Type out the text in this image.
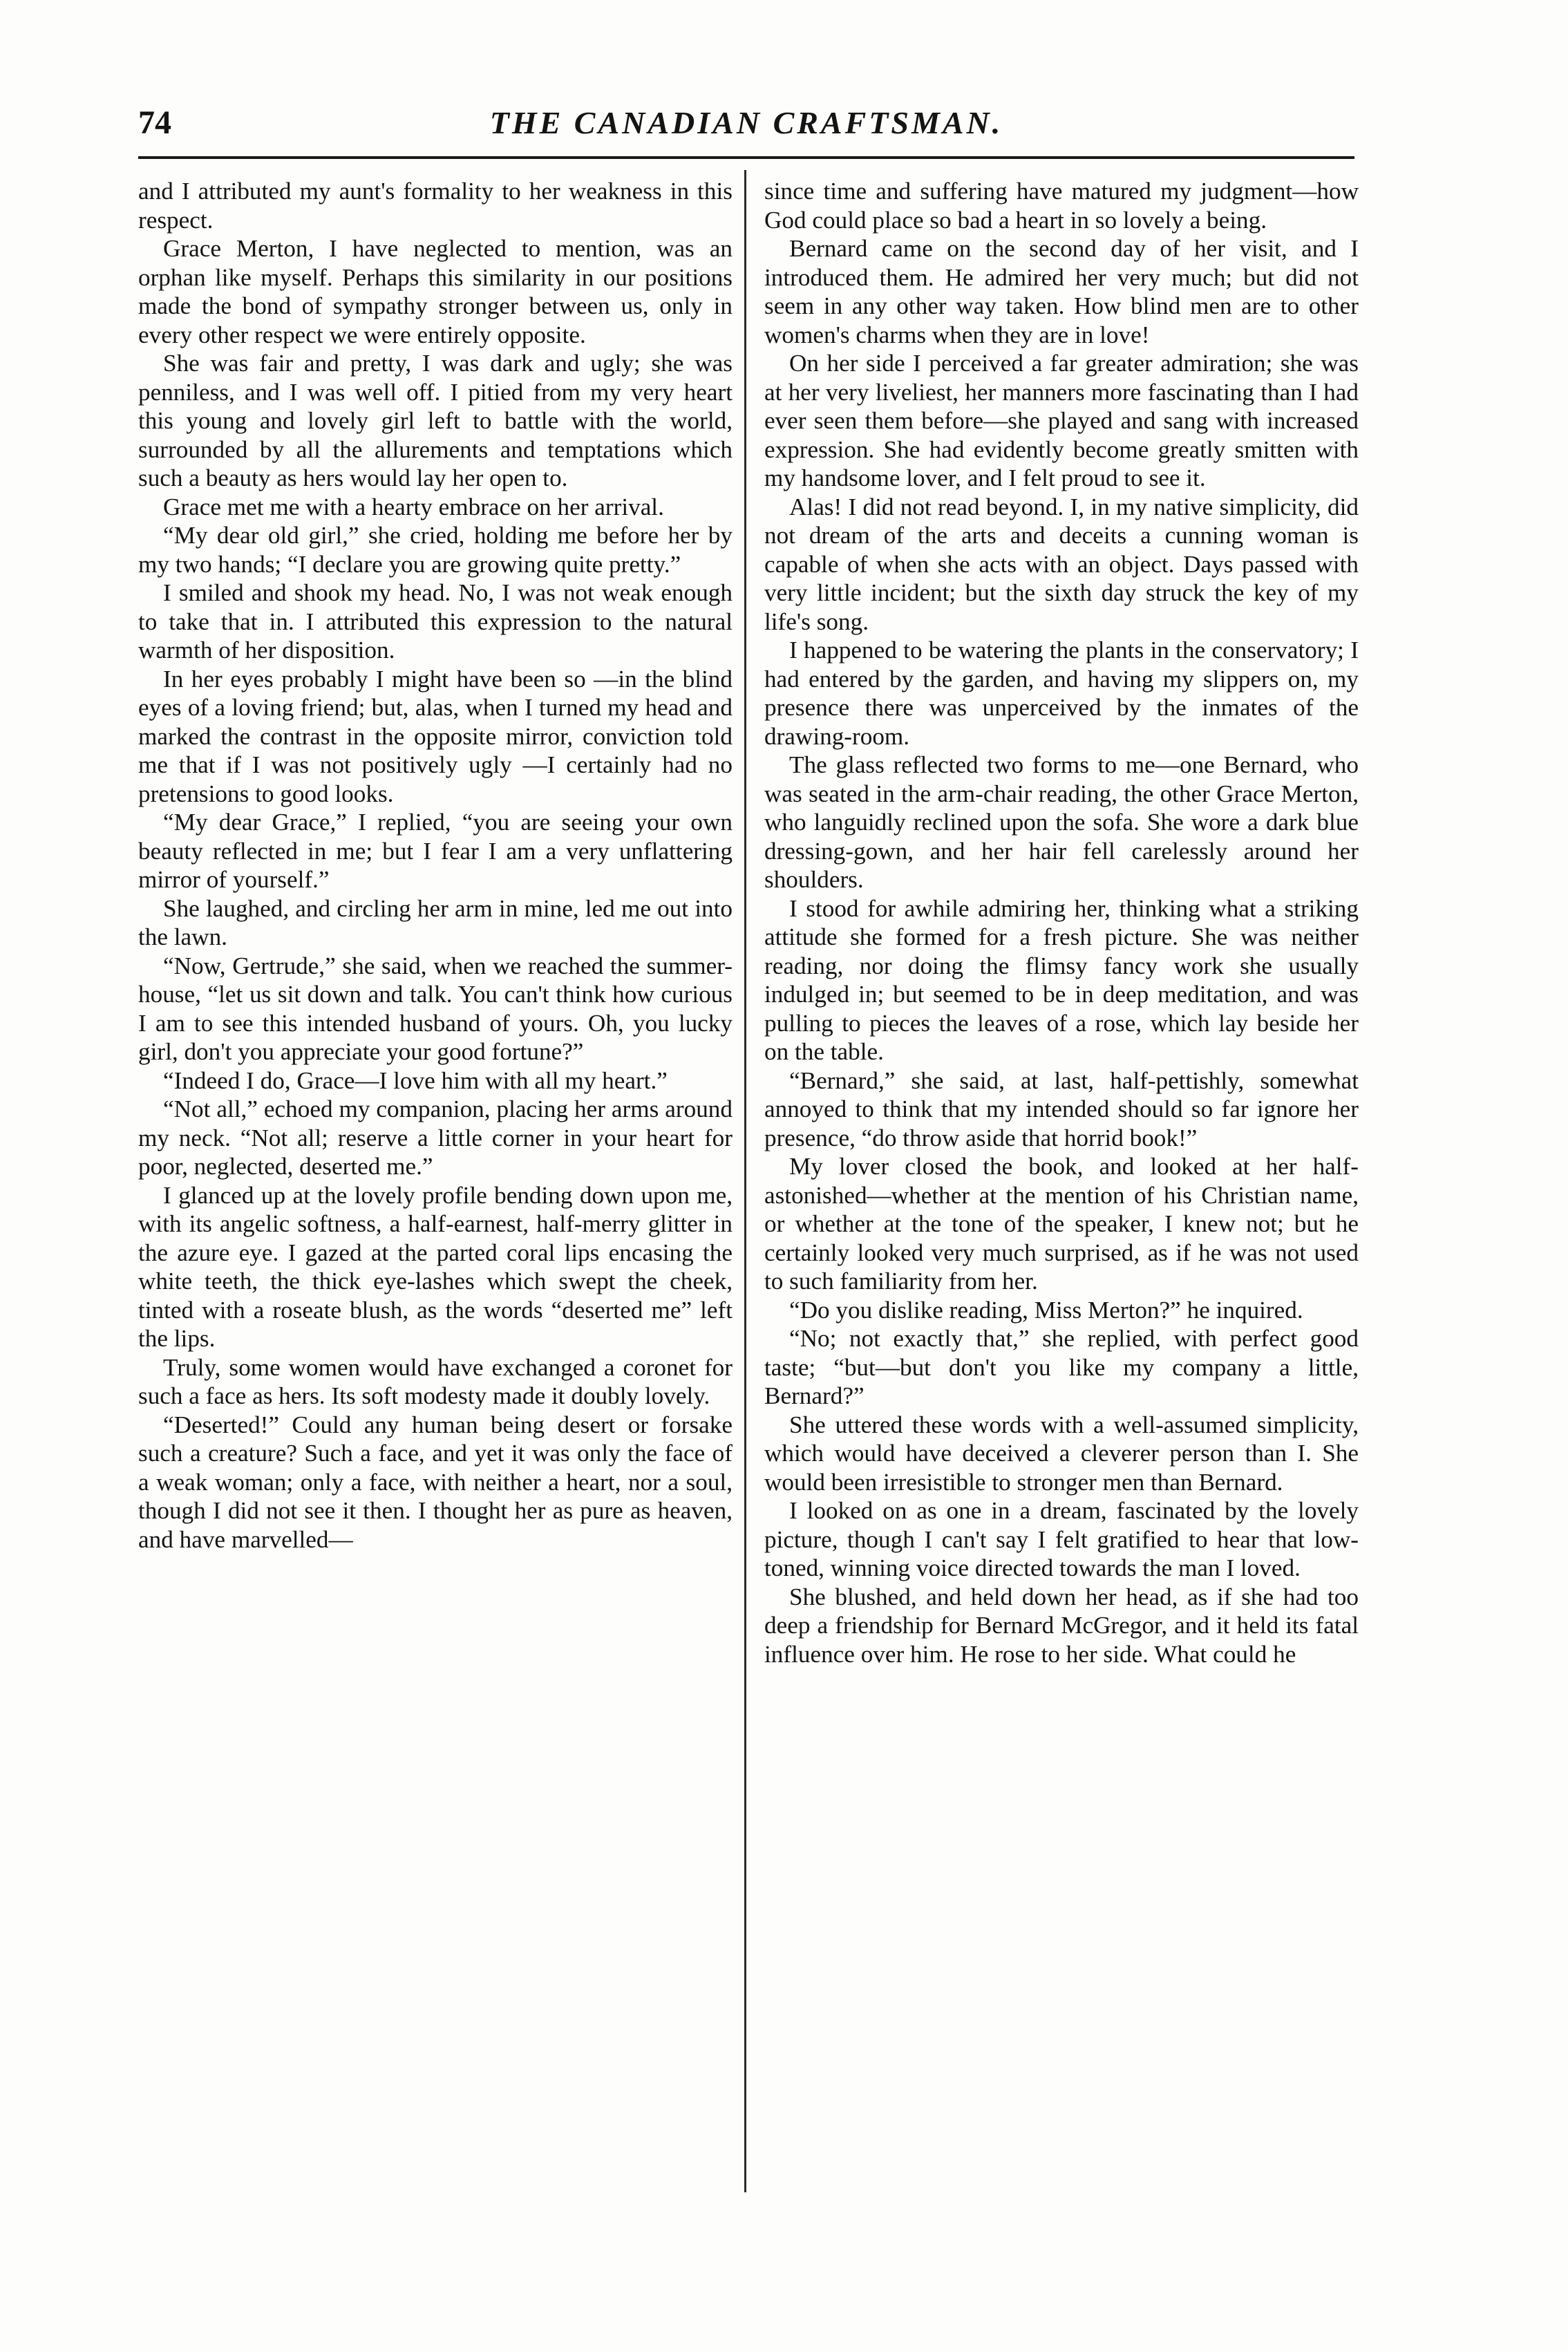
74	THE CANADIAN CRAFTSMAN.

and I attributed my aunt's formality to her weakness in this respect.

Grace Merton, I have neglected to mention, was an orphan like myself. Perhaps this similarity in our positions made the bond of sympathy stronger between us, only in every other respect we were entirely opposite.

She was fair and pretty, I was dark and ugly; she was penniless, and I was well off. I pitied from my very heart this young and lovely girl left to battle with the world, surrounded by all the allurements and temptations which such a beauty as hers would lay her open to.

Grace met me with a hearty embrace on her arrival.

“My dear old girl,” she cried, holding me before her by my two hands; “I declare you are growing quite pretty.”

I smiled and shook my head. No, I was not weak enough to take that in. I attributed this expression to the natural warmth of her disposition.

In her eyes probably I might have been so —in the blind eyes of a loving friend; but, alas, when I turned my head and marked the contrast in the opposite mirror, conviction told me that if I was not positively ugly —I certainly had no pretensions to good looks.

“My dear Grace,” I replied, “you are seeing your own beauty reflected in me; but I fear I am a very unflattering mirror of yourself.”

She laughed, and circling her arm in mine, led me out into the lawn.

“Now, Gertrude,” she said, when we reached the summer-house, “let us sit down and talk. You can't think how curious I am to see this intended husband of yours. Oh, you lucky girl, don't you appreciate your good fortune?”

“Indeed I do, Grace—I love him with all my heart.”

“Not all,” echoed my companion, placing her arms around my neck. “Not all; reserve a little corner in your heart for poor, neglected, deserted me.”

I glanced up at the lovely profile bending down upon me, with its angelic softness, a half-earnest, half-merry glitter in the azure eye. I gazed at the parted coral lips encasing the white teeth, the thick eye-lashes which swept the cheek, tinted with a roseate blush, as the words “deserted me” left the lips.

Truly, some women would have exchanged a coronet for such a face as hers. Its soft modesty made it doubly lovely.

“Deserted!” Could any human being desert or forsake such a creature? Such a face, and yet it was only the face of a weak woman; only a face, with neither a heart, nor a soul, though I did not see it then. I thought her as pure as heaven, and have marvelled—

since time and suffering have matured my judgment—how God could place so bad a heart in so lovely a being.

Bernard came on the second day of her visit, and I introduced them. He admired her very much; but did not seem in any other way taken. How blind men are to other women's charms when they are in love!

On her side I perceived a far greater admiration; she was at her very liveliest, her manners more fascinating than I had ever seen them before—she played and sang with increased expression. She had evidently become greatly smitten with my handsome lover, and I felt proud to see it.

Alas! I did not read beyond. I, in my native simplicity, did not dream of the arts and deceits a cunning woman is capable of when she acts with an object. Days passed with very little incident; but the sixth day struck the key of my life's song.

I happened to be watering the plants in the conservatory; I had entered by the garden, and having my slippers on, my presence there was unperceived by the inmates of the drawing-room.

The glass reflected two forms to me—one Bernard, who was seated in the arm-chair reading, the other Grace Merton, who languidly reclined upon the sofa. She wore a dark blue dressing-gown, and her hair fell carelessly around her shoulders.

I stood for awhile admiring her, thinking what a striking attitude she formed for a fresh picture. She was neither reading, nor doing the flimsy fancy work she usually indulged in; but seemed to be in deep meditation, and was pulling to pieces the leaves of a rose, which lay beside her on the table.

“Bernard,” she said, at last, half-pettishly, somewhat annoyed to think that my intended should so far ignore her presence, “do throw aside that horrid book!”

My lover closed the book, and looked at her half-astonished—whether at the mention of his Christian name, or whether at the tone of the speaker, I knew not; but he certainly looked very much surprised, as if he was not used to such familiarity from her.

“Do you dislike reading, Miss Merton?” he inquired.

“No; not exactly that,” she replied, with perfect good taste; “but—but don't you like my company a little, Bernard?”

She uttered these words with a well-assumed simplicity, which would have deceived a cleverer person than I. She would been irresistible to stronger men than Bernard.

I looked on as one in a dream, fascinated by the lovely picture, though I can't say I felt gratified to hear that low-toned, winning voice directed towards the man I loved.

She blushed, and held down her head, as if she had too deep a friendship for Bernard McGregor, and it held its fatal influence over him. He rose to her side. What could he
